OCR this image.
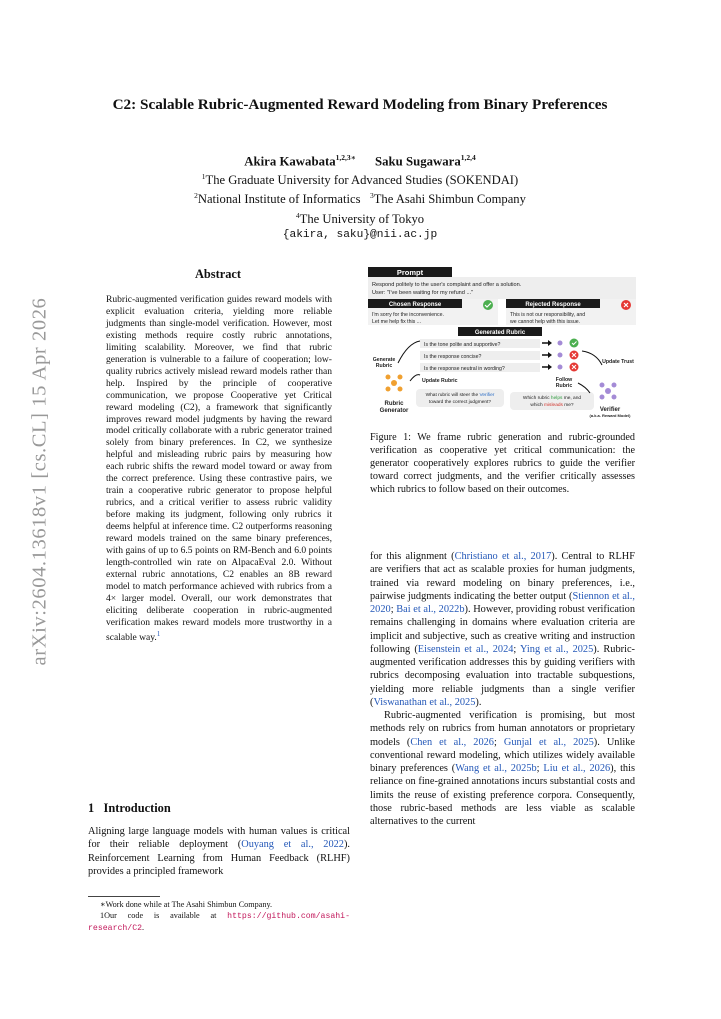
arXiv:2604.13618v1 [cs.CL] 15 Apr 2026
C2: Scalable Rubric-Augmented Reward Modeling from Binary Preferences
Akira Kawabata$^{1,2,3∗}$ Saku Sugawara$^{1,2,4}$
$^1$The Graduate University for Advanced Studies (SOKENDAI)
$^2$National Institute of Informatics $^3$The Asahi Shimbun Company
$^4$The University of Tokyo
{akira, saku}@nii.ac.jp
Abstract
Rubric-augmented verification guides reward models with explicit evaluation criteria, yielding more reliable judgments than single-model verification. However, most existing methods require costly rubric annotations, limiting scalability. Moreover, we find that rubric generation is vulnerable to a failure of cooperation; low-quality rubrics actively mislead reward models rather than help. Inspired by the principle of cooperative communication, we propose Cooperative yet Critical reward modeling (C2), a framework that significantly improves reward model judgments by having the reward model critically collaborate with a rubric generator trained solely from binary preferences. In C2, we synthesize helpful and misleading rubric pairs by measuring how each rubric shifts the reward model toward or away from the correct preference. Using these contrastive pairs, we train a cooperative rubric generator to propose helpful rubrics, and a critical verifier to assess rubric validity before making its judgment, following only rubrics it deems helpful at inference time. C2 outperforms reasoning reward models trained on the same binary preferences, with gains of up to 6.5 points on RM-Bench and 6.0 points length-controlled win rate on AlpacaEval 2.0. Without external rubric annotations, C2 enables an 8B reward model to match performance achieved with rubrics from a 4× larger model. Overall, our work demonstrates that eliciting deliberate cooperation in rubric-augmented verification makes reward models more trustworthy in a scalable way.$^1$
1 Introduction
Aligning large language models with human values is critical for their reliable deployment (Ouyang et al., 2022). Reinforcement Learning from Human Feedback (RLHF) provides a principled framework
∗Work done while at The Asahi Shimbun Company.
1Our code is available at https://github.com/asahi-research/C2.
Prompt
Respond politely to the user's complaint and offer a solution.
User: "I've been waiting for my refund ..."
Chosen Response
I'm sorry for the inconvenience.
Let me help fix this ...
Rejected Response
This is not our responsibility, and
we cannot help with this issue.
Generated Rubric
Is the tone polite and supportive?
Is the response concise?
Is the response neutral in wording?
Generate
Rubric
Update Trust
Rubric
Generator
Update Rubric
What rubric will steer the Verifier
toward the correct judgment?
Which rubric helps me, and
which misleads me?
Follow
Rubric
Verifier
(a.k.a. Reward Model)
Figure 1: We frame rubric generation and rubric-grounded verification as cooperative yet critical communication: the generator cooperatively explores rubrics to guide the verifier toward correct judgments, and the verifier critically assesses which rubrics to follow based on their outcomes.
for this alignment (Christiano et al., 2017). Central to RLHF are verifiers that act as scalable proxies for human judgments, trained via reward modeling on binary preferences, i.e., pairwise judgments indicating the better output (Stiennon et al., 2020; Bai et al., 2022b). However, providing robust verification remains challenging in domains where evaluation criteria are implicit and subjective, such as creative writing and instruction following (Eisenstein et al., 2024; Ying et al., 2025). Rubric-augmented verification addresses this by guiding verifiers with rubrics decomposing evaluation into tractable subquestions, yielding more reliable judgments than a single verifier (Viswanathan et al., 2025).
Rubric-augmented verification is promising, but most methods rely on rubrics from human annotators or proprietary models (Chen et al., 2026; Gunjal et al., 2025). Unlike conventional reward modeling, which utilizes widely available binary preferences (Wang et al., 2025b; Liu et al., 2026), this reliance on fine-grained annotations incurs substantial costs and limits the reuse of existing preference corpora. Consequently, those rubric-based methods are less viable as scalable alternatives to the current
